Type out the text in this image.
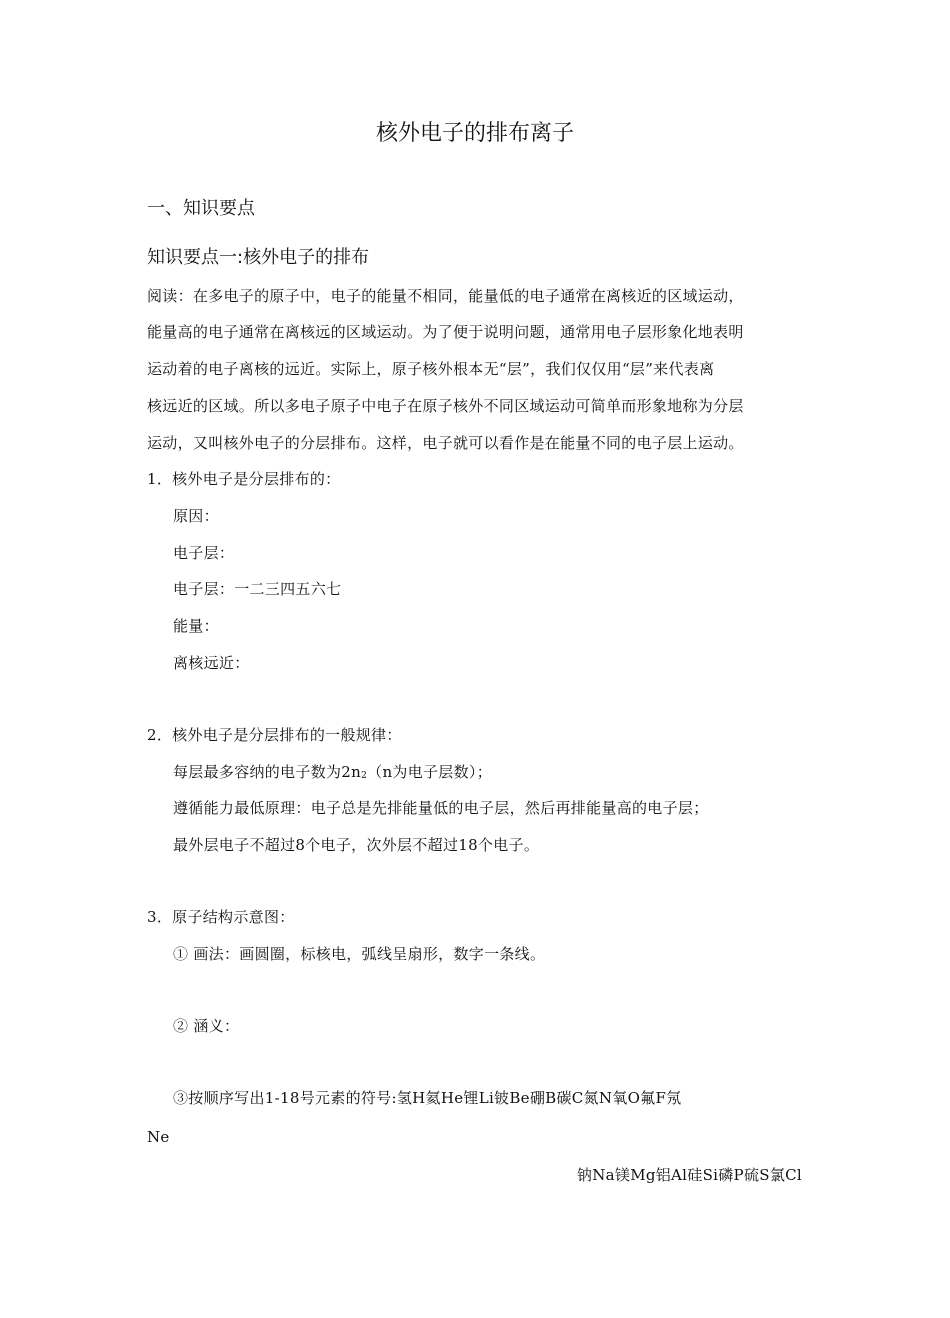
核外电子的排布离子
一、知识要点
知识要点一:核外电子的排布
阅读：在多电子的原子中，电子的能量不相同，能量低的电子通常在离核近的区域运动，
能量高的电子通常在离核远的区域运动。为了便于说明问题，通常用电子层形象化地表明
运动着的电子离核的远近。实际上，原子核外根本无“层”，我们仅仅用“层”来代表离
核远近的区域。所以多电子原子中电子在原子核外不同区域运动可简单而形象地称为分层
运动，又叫核外电子的分层排布。这样，电子就可以看作是在能量不同的电子层上运动。
1．核外电子是分层排布的：
原因：
电子层：
电子层：一二三四五六七
能量：
离核远近：
2．核外电子是分层排布的一般规律：
每层最多容纳的电子数为$2n_2(n$为电子层数）；
遵循能力最低原理：电子总是先排能量低的电子层，然后再排能量高的电子层；
最外层电子不超过8个电子，次外层不超过18个电子。
3．原子结构示意图：
① 画法：画圆圈，标核电，弧线呈扇形，数字一条线。
② 涵义：
③按顺序写出1-18号元素的符号:氢H氦He锂Li铍Be硼B碳C氮N氧O氟F氖
Ne
钠Na镁Mg铝Al硅Si磷P硫S氯Cl
